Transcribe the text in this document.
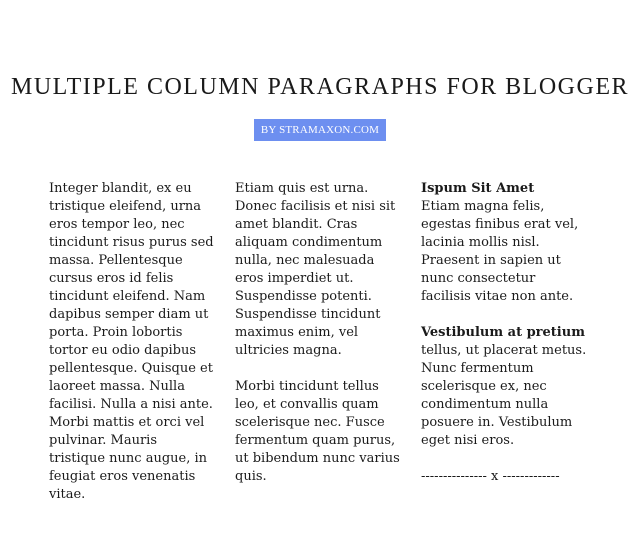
MULTIPLE COLUMN PARAGRAPHS FOR BLOGGER
BY STRAMAXON.COM

Integer blandit, ex eu tristique eleifend, urna eros tempor leo, nec tincidunt risus purus sed massa. Pellentesque cursus eros id felis tincidunt eleifend. Nam dapibus semper diam ut porta. Proin lobortis tortor eu odio dapibus pellentesque. Quisque et laoreet massa. Nulla facilisi. Nulla a nisi ante. Morbi mattis et orci vel pulvinar. Mauris tristique nunc augue, in feugiat eros venenatis vitae.

Etiam quis est urna. Donec facilisis et nisi sit amet blandit. Cras aliquam condimentum nulla, nec malesuada eros imperdiet ut. Suspendisse potenti. Suspendisse tincidunt maximus enim, vel ultricies magna.

Morbi tincidunt tellus leo, et convallis quam scelerisque nec. Fusce fermentum quam purus, ut bibendum nunc varius quis.

Ispum Sit Amet
Etiam magna felis, egestas finibus erat vel, lacinia mollis nisl. Praesent in sapien ut nunc consectetur facilisis vitae non ante.

Vestibulum at pretium
tellus, ut placerat metus. Nunc fermentum scelerisque ex, nec condimentum nulla posuere in. Vestibulum eget nisi eros.

--------------- x -------------
